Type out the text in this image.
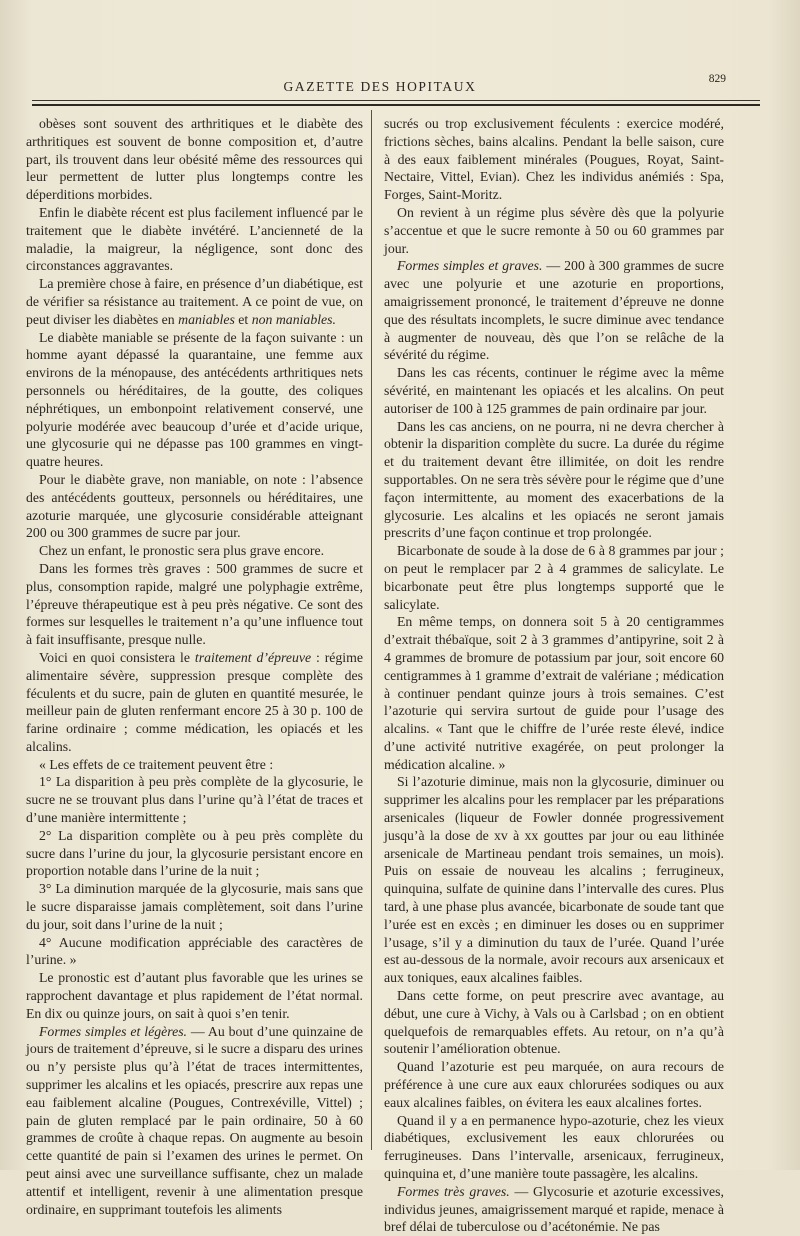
GAZETTE DES HOPITAUX	829

obèses sont souvent des arthritiques et le diabète des arthritiques est souvent de bonne composition et, d’autre part, ils trouvent dans leur obésité même des ressources qui leur permettent de lutter plus longtemps contre les déperditions morbides.

Enfin le diabète récent est plus facilement influencé par le traitement que le diabète invétéré. L’ancienneté de la maladie, la maigreur, la négligence, sont donc des circonstances aggravantes.

La première chose à faire, en présence d’un diabétique, est de vérifier sa résistance au traitement. A ce point de vue, on peut diviser les diabètes en maniables et non maniables.

Le diabète maniable se présente de la façon suivante : un homme ayant dépassé la quarantaine, une femme aux environs de la ménopause, des antécédents arthritiques nets personnels ou héréditaires, de la goutte, des coliques néphrétiques, un embonpoint relativement conservé, une polyurie modérée avec beaucoup d’urée et d’acide urique, une glycosurie qui ne dépasse pas 100 grammes en vingt-quatre heures.

Pour le diabète grave, non maniable, on note : l’absence des antécédents goutteux, personnels ou héréditaires, une azoturie marquée, une glycosurie considérable atteignant 200 ou 300 grammes de sucre par jour.

Chez un enfant, le pronostic sera plus grave encore.

Dans les formes très graves : 500 grammes de sucre et plus, consomption rapide, malgré une polyphagie extrême, l’épreuve thérapeutique est à peu près négative. Ce sont des formes sur lesquelles le traitement n’a qu’une influence tout à fait insuffisante, presque nulle.

Voici en quoi consistera le traitement d’épreuve : régime alimentaire sévère, suppression presque complète des féculents et du sucre, pain de gluten en quantité mesurée, le meilleur pain de gluten renfermant encore 25 à 30 p. 100 de farine ordinaire ; comme médication, les opiacés et les alcalins.

« Les effets de ce traitement peuvent être :

1° La disparition à peu près complète de la glycosurie, le sucre ne se trouvant plus dans l’urine qu’à l’état de traces et d’une manière intermittente ;

2° La disparition complète ou à peu près complète du sucre dans l’urine du jour, la glycosurie persistant encore en proportion notable dans l’urine de la nuit ;

3° La diminution marquée de la glycosurie, mais sans que le sucre disparaisse jamais complètement, soit dans l’urine du jour, soit dans l’urine de la nuit ;

4° Aucune modification appréciable des caractères de l’urine. »

Le pronostic est d’autant plus favorable que les urines se rapprochent davantage et plus rapidement de l’état normal. En dix ou quinze jours, on sait à quoi s’en tenir.

Formes simples et légères. — Au bout d’une quinzaine de jours de traitement d’épreuve, si le sucre a disparu des urines ou n’y persiste plus qu’à l’état de traces intermittentes, supprimer les alcalins et les opiacés, prescrire aux repas une eau faiblement alcaline (Pougues, Contrexéville, Vittel) ; pain de gluten remplacé par le pain ordinaire, 50 à 60 grammes de croûte à chaque repas. On augmente au besoin cette quantité de pain si l’examen des urines le permet. On peut ainsi avec une surveillance suffisante, chez un malade attentif et intelligent, revenir à une alimentation presque ordinaire, en supprimant toutefois les aliments

sucrés ou trop exclusivement féculents : exercice modéré, frictions sèches, bains alcalins. Pendant la belle saison, cure à des eaux faiblement minérales (Pougues, Royat, Saint-Nectaire, Vittel, Evian). Chez les individus anémiés : Spa, Forges, Saint-Moritz.

On revient à un régime plus sévère dès que la polyurie s’accentue et que le sucre remonte à 50 ou 60 grammes par jour.

Formes simples et graves. — 200 à 300 grammes de sucre avec une polyurie et une azoturie en proportions, amaigrissement prononcé, le traitement d’épreuve ne donne que des résultats incomplets, le sucre diminue avec tendance à augmenter de nouveau, dès que l’on se relâche de la sévérité du régime.

Dans les cas récents, continuer le régime avec la même sévérité, en maintenant les opiacés et les alcalins. On peut autoriser de 100 à 125 grammes de pain ordinaire par jour.

Dans les cas anciens, on ne pourra, ni ne devra chercher à obtenir la disparition complète du sucre. La durée du régime et du traitement devant être illimitée, on doit les rendre supportables. On ne sera très sévère pour le régime que d’une façon intermittente, au moment des exacerbations de la glycosurie. Les alcalins et les opiacés ne seront jamais prescrits d’une façon continue et trop prolongée.

Bicarbonate de soude à la dose de 6 à 8 grammes par jour ; on peut le remplacer par 2 à 4 grammes de salicylate. Le bicarbonate peut être plus longtemps supporté que le salicylate.

En même temps, on donnera soit 5 à 20 centigrammes d’extrait thébaïque, soit 2 à 3 grammes d’antipyrine, soit 2 à 4 grammes de bromure de potassium par jour, soit encore 60 centigrammes à 1 gramme d’extrait de valériane ; médication à continuer pendant quinze jours à trois semaines. C’est l’azoturie qui servira surtout de guide pour l’usage des alcalins. « Tant que le chiffre de l’urée reste élevé, indice d’une activité nutritive exagérée, on peut prolonger la médication alcaline. »

Si l’azoturie diminue, mais non la glycosurie, diminuer ou supprimer les alcalins pour les remplacer par les préparations arsenicales (liqueur de Fowler donnée progressivement jusqu’à la dose de xv à xx gouttes par jour ou eau lithinée arsenicale de Martineau pendant trois semaines, un mois). Puis on essaie de nouveau les alcalins ; ferrugineux, quinquina, sulfate de quinine dans l’intervalle des cures. Plus tard, à une phase plus avancée, bicarbonate de soude tant que l’urée est en excès ; en diminuer les doses ou en supprimer l’usage, s’il y a diminution du taux de l’urée. Quand l’urée est au-dessous de la normale, avoir recours aux arsenicaux et aux toniques, eaux alcalines faibles.

Dans cette forme, on peut prescrire avec avantage, au début, une cure à Vichy, à Vals ou à Carlsbad ; on en obtient quelquefois de remarquables effets. Au retour, on n’a qu’à soutenir l’amélioration obtenue.

Quand l’azoturie est peu marquée, on aura recours de préférence à une cure aux eaux chlorurées sodiques ou aux eaux alcalines faibles, on évitera les eaux alcalines fortes.

Quand il y a en permanence hypo-azoturie, chez les vieux diabétiques, exclusivement les eaux chlorurées ou ferrugineuses. Dans l’intervalle, arsenicaux, ferrugineux, quinquina et, d’une manière toute passagère, les alcalins.

Formes très graves. — Glycosurie et azoturie excessives, individus jeunes, amaigrissement marqué et rapide, menace à bref délai de tuberculose ou d’acétonémie. Ne pas
